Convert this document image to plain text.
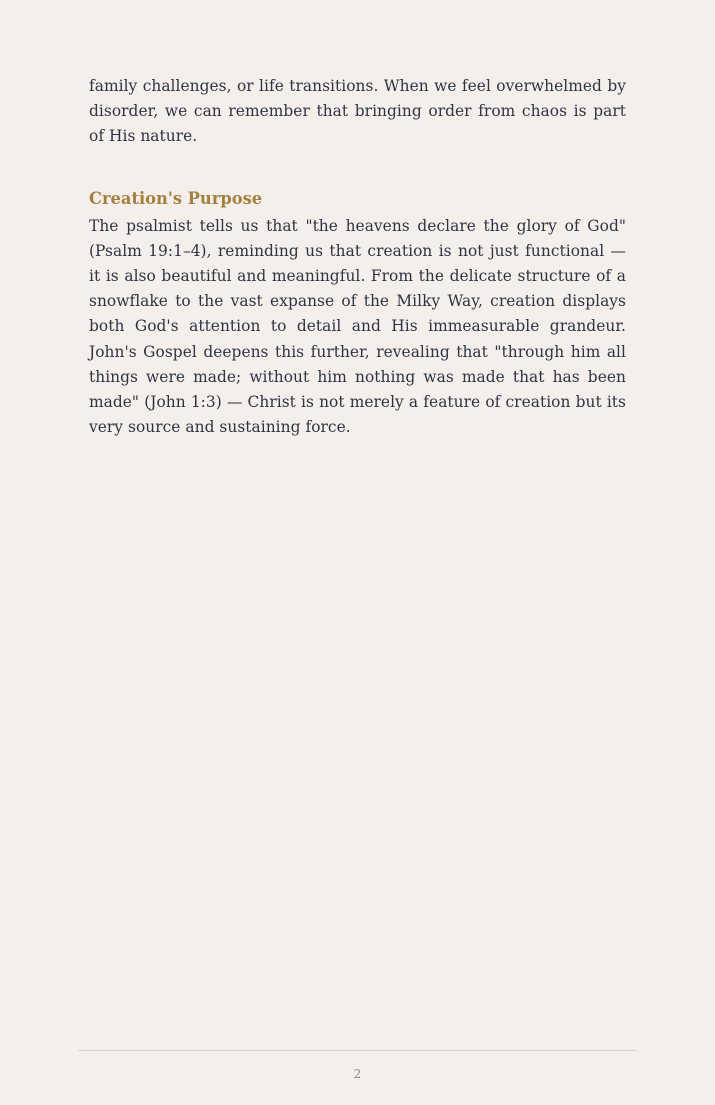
family challenges, or life transitions. When we feel overwhelmed by disorder, we can remember that bringing order from chaos is part of His nature.

Creation's Purpose

The psalmist tells us that "the heavens declare the glory of God" (Psalm 19:1–4), reminding us that creation is not just functional — it is also beautiful and meaningful. From the delicate structure of a snowflake to the vast expanse of the Milky Way, creation displays both God's attention to detail and His immeasurable grandeur. John's Gospel deepens this further, revealing that "through him all things were made; without him nothing was made that has been made" (John 1:3) — Christ is not merely a feature of creation but its very source and sustaining force.

2
